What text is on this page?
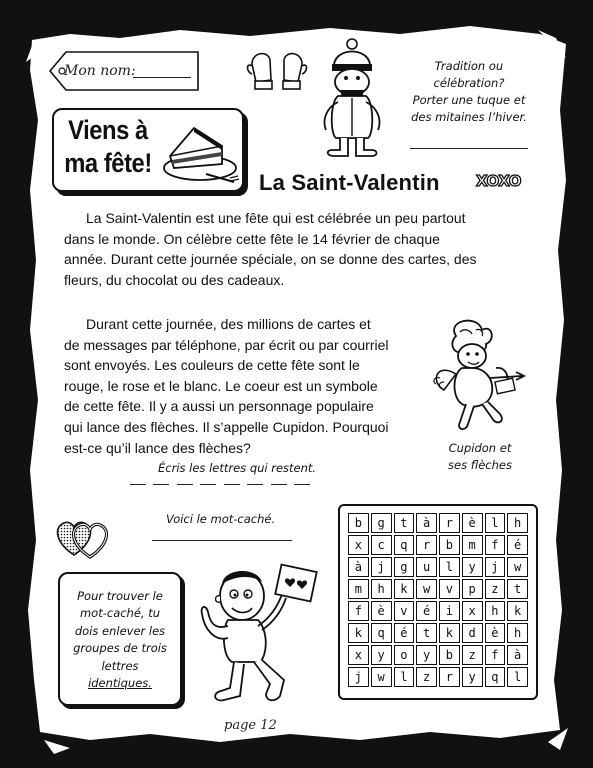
Mon nom:	Tradition ou
célébration?
Porter une tuque et
des mitaines l’hiver.
Viens à
ma fête!
La Saint-Valentin XOXO
La Saint-Valentin est une fête qui est célébrée un peu partout
dans le monde. On célèbre cette fête le 14 février de chaque
année. Durant cette journée spéciale, on se donne des cartes, des
fleurs, du chocolat ou des cadeaux.
Durant cette journée, des millions de cartes et
de messages par téléphone, par écrit ou par courriel
sont envoyés. Les couleurs de cette fête sont le
rouge, le rose et le blanc. Le coeur est un symbole
de cette fête. Il y a aussi un personnage populaire
qui lance des flèches. Il s’appelle Cupidon. Pourquoi
est-ce qu’il lance des flèches?	Cupidon et
ses flèches
Écris les lettres qui restent.
Voici le mot-caché.
Pour trouver le
mot-caché, tu
dois enlever les
groupes de trois
lettres
identiques.
b	g	t	à	r	è	l	h
x	c	q	r	b	m	f	é
à	j	g	u	l	y	j	w
m	h	k	w	v	p	z	t
f	è	v	é	i	x	h	k
k	q	é	t	k	d	è	h
x	y	o	y	b	z	f	à
j	w	l	z	r	y	q	l
page 12
